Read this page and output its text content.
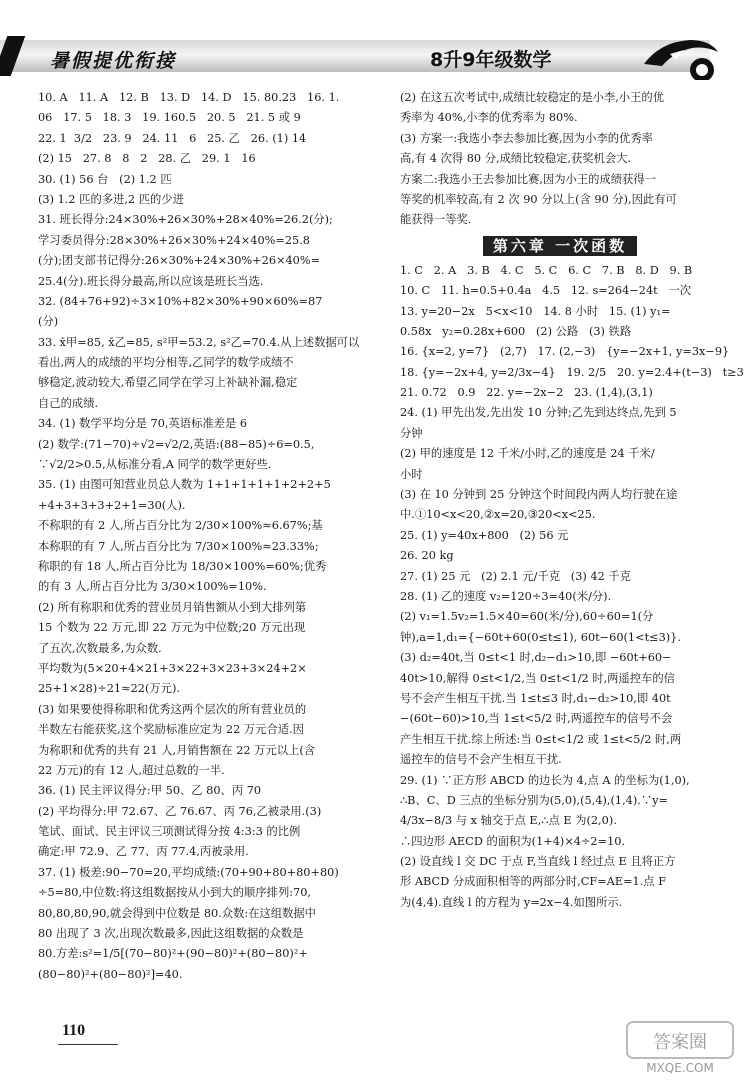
暑假提优衔接	8升9年级数学
10. A   11. A   12. B   13. D   14. D   15. 80.23   16. 1.
06   17. 5   18. 3   19. 160.5   20. 5   21. 5 或 9
22. 1  3/2   23. 9   24. 11   6   25. 乙   26. (1) 14
(2) 15   27. 8   8   2   28. 乙   29. 1   16
30. (1) 56 台   (2) 1.2 匹
(3) 1.2 匹的多进,2 匹的少进
31. 班长得分:24×30%+26×30%+28×40%=26.2(分);
学习委员得分:28×30%+26×30%+24×40%=25.8
(分);团支部书记得分:26×30%+24×30%+26×40%=
25.4(分).班长得分最高,所以应该是班长当选.
32. (84+76+92)÷3×10%+82×30%+90×60%=87
(分)
33. x̄甲=85, x̄乙=85, s²甲=53.2, s²乙=70.4.从上述数据可以
看出,两人的成绩的平均分相等,乙同学的数学成绩不
够稳定,波动较大,希望乙同学在学习上补缺补漏,稳定
自己的成绩.
34. (1) 数学平均分是 70,英语标准差是 6
(2) 数学:(71−70)÷√2=√2/2,英语:(88−85)÷6=0.5,
∵√2/2>0.5,从标准分看,A 同学的数学更好些.
35. (1) 由图可知营业员总人数为 1+1+1+1+1+2+2+5
+4+3+3+3+2+1=30(人).
不称职的有 2 人,所占百分比为 2/30×100%≈6.67%;基
本称职的有 7 人,所占百分比为 7/30×100%≈23.33%;
称职的有 18 人,所占百分比为 18/30×100%=60%;优秀
的有 3 人,所占百分比为 3/30×100%=10%.
(2) 所有称职和优秀的营业员月销售额从小到大排列第
15 个数为 22 万元,即 22 万元为中位数;20 万元出现
了五次,次数最多,为众数.
平均数为(5×20+4×21+3×22+3×23+3×24+2×
25+1×28)÷21≈22(万元).
(3) 如果要使得称职和优秀这两个层次的所有营业员的
半数左右能获奖,这个奖励标准应定为 22 万元合适.因
为称职和优秀的共有 21 人,月销售额在 22 万元以上(含
22 万元)的有 12 人,超过总数的一半.
36. (1) 民主评议得分:甲 50、乙 80、丙 70
(2) 平均得分:甲 72.67、乙 76.67、丙 76,乙被录用.(3)
笔试、面试、民主评议三项测试得分按 4:3:3 的比例
确定:甲 72.9、乙 77、丙 77.4,丙被录用.
37. (1) 极差:90−70=20,平均成绩:(70+90+80+80+80)
÷5=80,中位数:将这组数据按从小到大的顺序排列:70,
80,80,80,90,就会得到中位数是 80.众数:在这组数据中
80 出现了 3 次,出现次数最多,因此这组数据的众数是
80.方差:s²=1/5[(70−80)²+(90−80)²+(80−80)²+
(80−80)²+(80−80)²]=40.
(2) 在这五次考试中,成绩比较稳定的是小李,小王的优
秀率为 40%,小李的优秀率为 80%.
(3) 方案一:我选小李去参加比赛,因为小李的优秀率
高,有 4 次得 80 分,成绩比较稳定,获奖机会大.
方案二:我选小王去参加比赛,因为小王的成绩获得一
等奖的机率较高,有 2 次 90 分以上(含 90 分),因此有可
能获得一等奖.
第六章 一次函数
1. C   2. A   3. B   4. C   5. C   6. C   7. B   8. D   9. B
10. C   11. h=0.5+0.4a   4.5   12. s=264−24t   一次
13. y=20−2x   5<x<10   14. 8 小时   15. (1) y₁=
0.58x   y₂=0.28x+600   (2) 公路   (3) 铁路
16. {x=2, y=7}   (2,7)   17. (2,−3)   {y=−2x+1, y=3x−9}
18. {y=−2x+4, y=2/3x−4}   19. 2/5   20. y=2.4+(t−3)   t≥3
21. 0.72   0.9   22. y=−2x−2   23. (1,4),(3,1)
24. (1) 甲先出发,先出发 10 分钟;乙先到达终点,先到 5
分钟
(2) 甲的速度是 12 千米/小时,乙的速度是 24 千米/
小时
(3) 在 10 分钟到 25 分钟这个时间段内两人均行驶在途
中.①10<x<20,②x=20,③20<x<25.
25. (1) y=40x+800   (2) 56 元
26. 20 kg
27. (1) 25 元   (2) 2.1 元/千克   (3) 42 千克
28. (1) 乙的速度 v₂=120÷3=40(米/分).
(2) v₁=1.5v₂=1.5×40=60(米/分),60÷60=1(分
钟),a=1,d₁={−60t+60(0≤t≤1), 60t−60(1<t≤3)}.
(3) d₂=40t,当 0≤t<1 时,d₂−d₁>10,即 −60t+60−
40t>10,解得 0≤t<1/2,当 0≤t<1/2 时,两遥控车的信
号不会产生相互干扰.当 1≤t≤3 时,d₁−d₂>10,即 40t
−(60t−60)>10,当 1≤t<5/2 时,两遥控车的信号不会
产生相互干扰.综上所述:当 0≤t<1/2 或 1≤t<5/2 时,两
遥控车的信号不会产生相互干扰.
29. (1) ∵正方形 ABCD 的边长为 4,点 A 的坐标为(1,0),
∴B、C、D 三点的坐标分别为(5,0),(5,4),(1,4).∵y=
4/3x−8/3 与 x 轴交于点 E,∴点 E 为(2,0).
∴四边形 AECD 的面积为(1+4)×4÷2=10.
(2) 设直线 l 交 DC 于点 F,当直线 l 经过点 E 且将正方
形 ABCD 分成面积相等的两部分时,CF=AE=1.点 F
为(4,4).直线 l 的方程为 y=2x−4.如图所示.
110
答案圈
MXQE.COM
